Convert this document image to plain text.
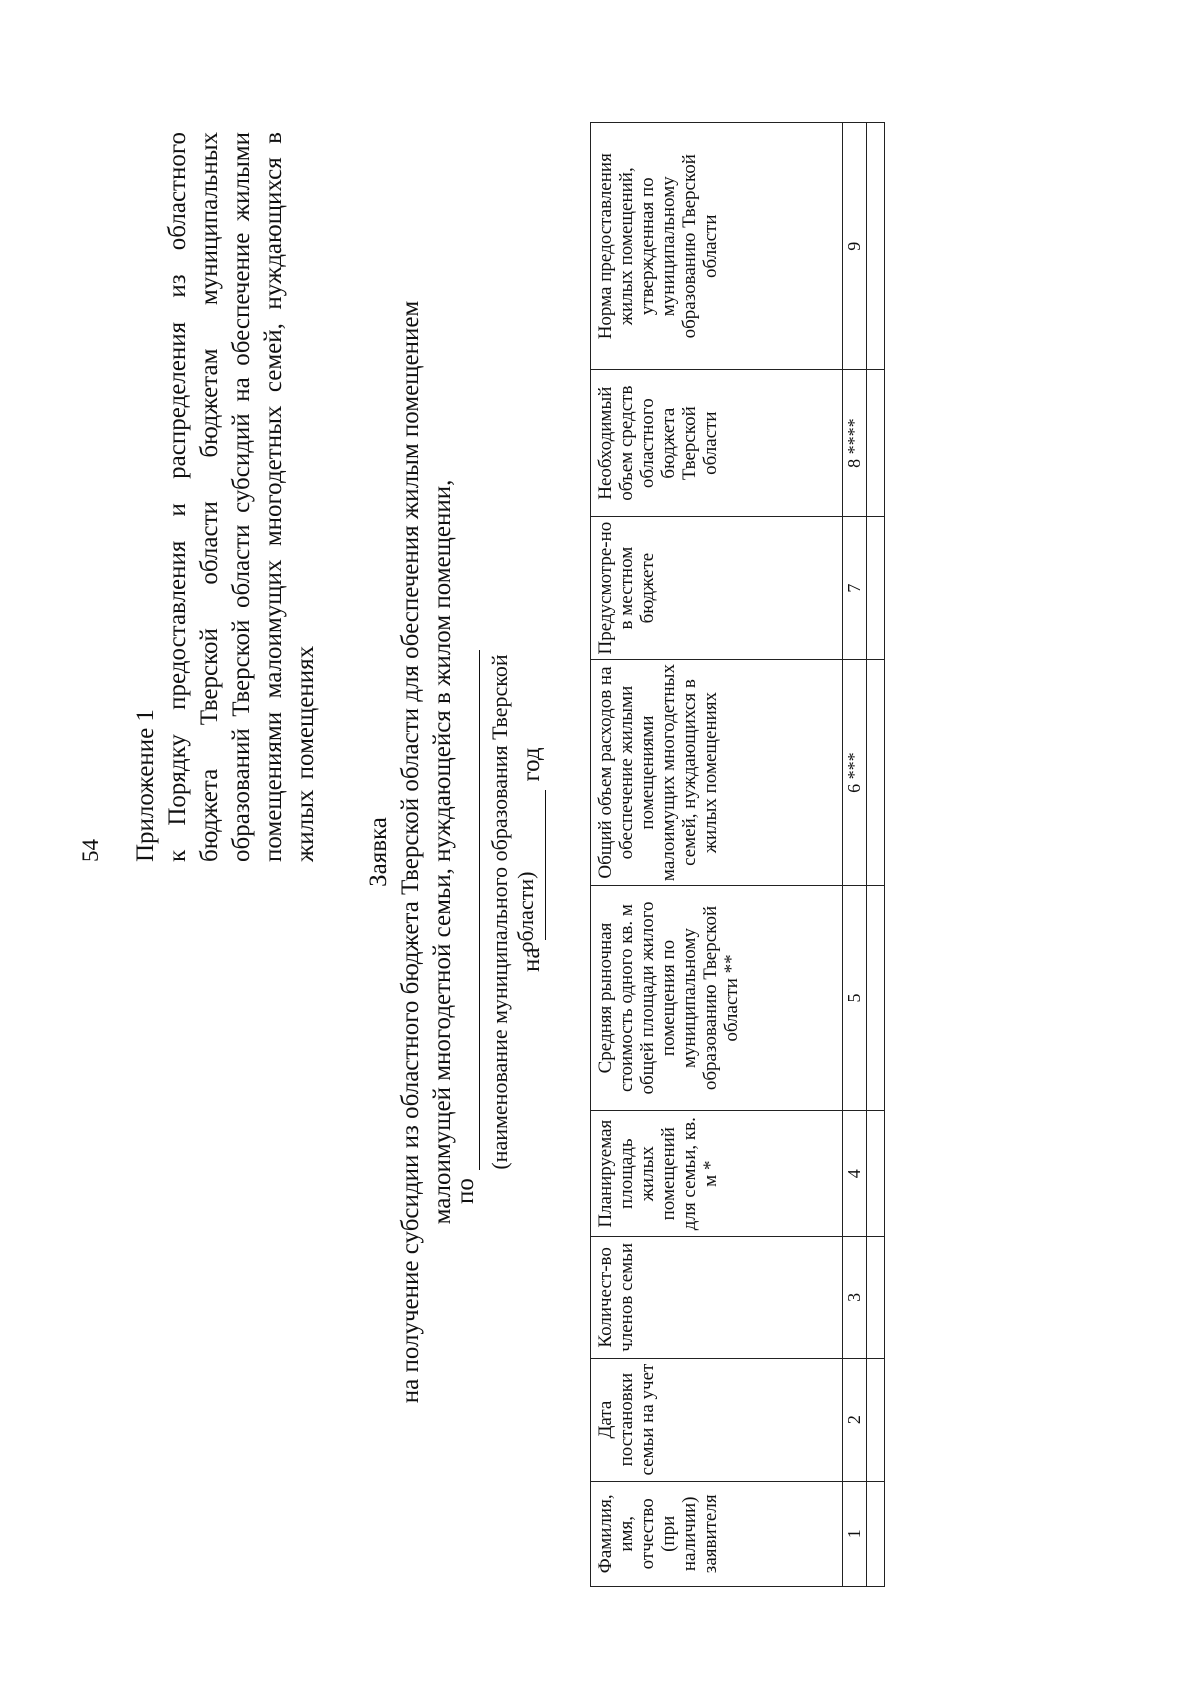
54 Приложение 1 к Порядку предоставления и распределения из областного бюджета Тверской области бюджетам муниципальных образований Тверской области субсидий на обеспечение жилыми помещениями малоимущих многодетных семей, нуждающихся в жилых помещениях Заявка на получение субсидии из областного бюджета Тверской области для обеспечения жилым помещением малоимущей многодетной семьи, нуждающейся в жилом помещении,
по
(наименование муниципального образования Тверской области)
нагод
Фамилия, имя, отчество (при наличии) заявителя	Дата постановки семьи на учет	Количест-во членов семьи	Планируемая площадь жилых помещений для семьи, кв. м *	Средняя рыночная стоимость одного кв. м общей площади жилого помещения по муниципальному образованию Тверской области **	Общий объем расходов на обеспечение жилыми помещениями малоимущих многодетных семей, нуждающихся в жилых помещениях	Предусмотре-но в местном бюджете	Необходимый объем средств областного бюджета Тверской области	Норма предоставления жилых помещений, утвержденная по муниципальному образованию Тверской области
1	2	3	4	5	6 ***	7	8 ****	9
